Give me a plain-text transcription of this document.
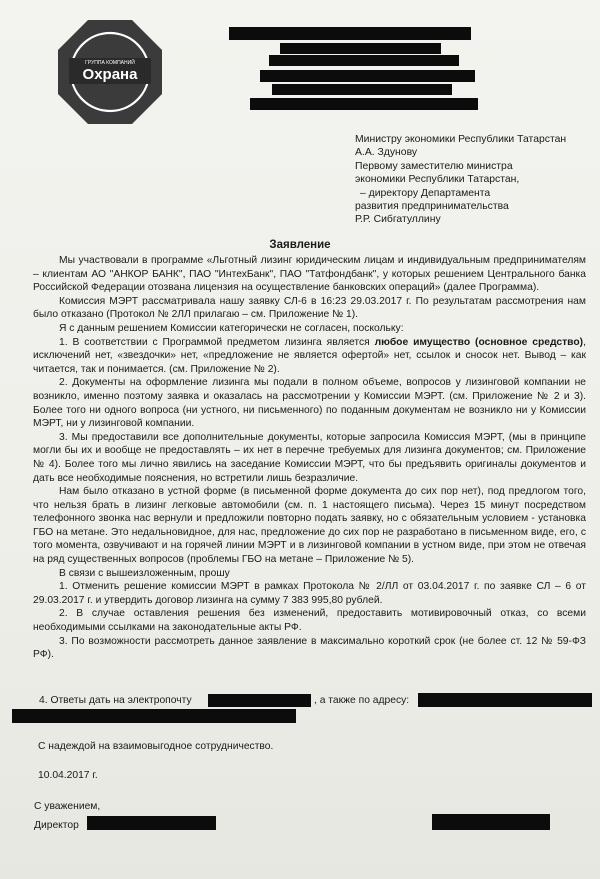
ГРУППА КОМПАНИЙ
Охрана
Министру экономики Республики Татарстан
А.А. Здунову
Первому заместителю министра
экономики Республики Татарстан,
– директору Департамента
развития предпринимательства
Р.Р. Сибгатуллину
Заявление

Мы участвовали в программе «Льготный лизинг юридическим лицам и индивидуальным предпринимателям – клиентам АО "АНКОР БАНК", ПАО "ИнтехБанк", ПАО "Татфондбанк", у которых решением Центрального банка Российской Федерации отозвана лицензия на осуществление банковских операций» (далее Программа).

Комиссия МЭРТ рассматривала нашу заявку СЛ-6 в 16:23 29.03.2017 г. По результатам рассмотрения нам было отказано (Протокол № 2ЛЛ прилагаю – см. Приложение № 1).

Я с данным решением Комиссии категорически не согласен, поскольку:

1. В соответствии с Программой предметом лизинга является любое имущество (основное средство), исключений нет, «звездочки» нет, «предложение не является офертой» нет, ссылок и сносок нет. Вывод – как читается, так и понимается. (см. Приложение № 2).

2. Документы на оформление лизинга мы подали в полном объеме, вопросов у лизинговой компании не возникло, именно поэтому заявка и оказалась на рассмотрении у Комиссии МЭРТ. (см. Приложение № 2 и 3). Более того ни одного вопроса (ни устного, ни письменного) по поданным документам не возникло ни у Комиссии МЭРТ, ни у лизинговой компании.

3. Мы предоставили все дополнительные документы, которые запросила Комиссия МЭРТ, (мы в принципе могли бы их и вообще не предоставлять – их нет в перечне требуемых для лизинга документов; см. Приложение № 4). Более того мы лично явились на заседание Комиссии МЭРТ, что бы предъявить оригиналы документов и дать все необходимые пояснения, но встретили лишь безразличие.

Нам было отказано в устной форме (в письменной форме документа до сих пор нет), под предлогом того, что нельзя брать в лизинг легковые автомобили (см. п. 1 настоящего письма). Через 15 минут посредством телефонного звонка нас вернули и предложили повторно подать заявку, но с обязательным условием - установка ГБО на метане. Это недальновидное, для нас, предложение до сих пор не разработано в письменном виде, его, с того момента, озвучивают и на горячей линии МЭРТ и в лизинговой компании в устном виде, при этом не отвечая на ряд существенных вопросов (проблемы ГБО на метане – Приложение № 5).

В связи с вышеизложенным, прошу

1. Отменить решение комиссии МЭРТ в рамках Протокола № 2/ЛЛ от 03.04.2017 г. по заявке СЛ – 6 от 29.03.2017 г. и утвердить договор лизинга на сумму 7 383 995,80 рублей.

2. В случае оставления решения без изменений, предоставить мотивировочный отказ, со всеми необходимыми ссылками на законодательные акты РФ.

3. По возможности рассмотреть данное заявление в максимально короткий срок (не более ст. 12 № 59-ФЗ РФ).

4. Ответы дать на электропочту	, а также по адресу:
С надеждой на взаимовыгодное сотрудничество.
10.04.2017 г.
С уважением,
Директор
